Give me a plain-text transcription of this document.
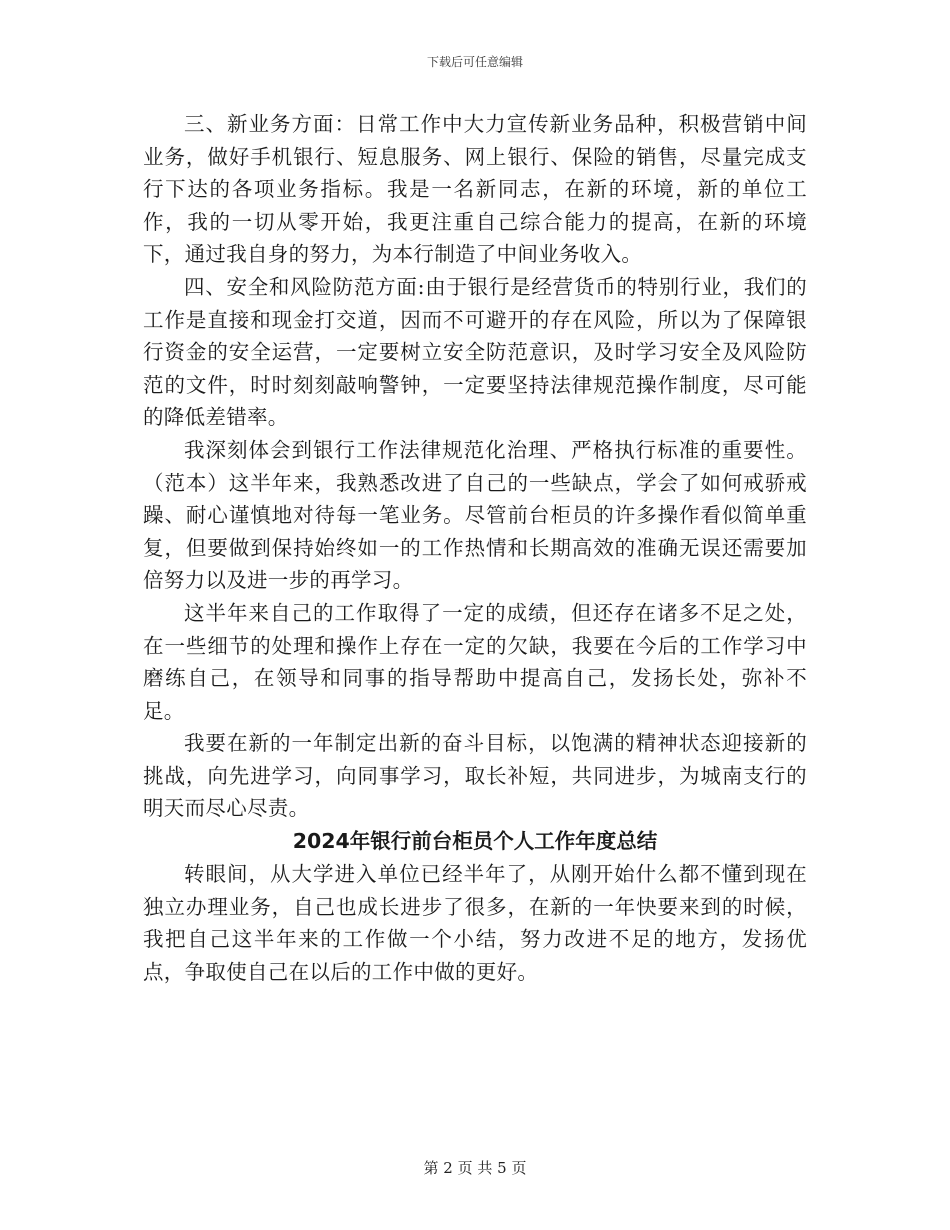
下载后可任意编辑

三、新业务方面：日常工作中大力宣传新业务品种，积极营销中间业务，做好手机银行、短息服务、网上银行、保险的销售，尽量完成支行下达的各项业务指标。我是一名新同志，在新的环境，新的单位工作，我的一切从零开始，我更注重自己综合能力的提高，在新的环境下，通过我自身的努力，为本行制造了中间业务收入。

四、安全和风险防范方面:由于银行是经营货币的特别行业，我们的工作是直接和现金打交道，因而不可避开的存在风险，所以为了保障银行资金的安全运营，一定要树立安全防范意识，及时学习安全及风险防范的文件，时时刻刻敲响警钟，一定要坚持法律规范操作制度，尽可能的降低差错率。

我深刻体会到银行工作法律规范化治理、严格执行标准的重要性。（范本）这半年来，我熟悉改进了自己的一些缺点，学会了如何戒骄戒躁、耐心谨慎地对待每一笔业务。尽管前台柜员的许多操作看似简单重复，但要做到保持始终如一的工作热情和长期高效的准确无误还需要加倍努力以及进一步的再学习。

这半年来自己的工作取得了一定的成绩，但还存在诸多不足之处，在一些细节的处理和操作上存在一定的欠缺，我要在今后的工作学习中磨练自己，在领导和同事的指导帮助中提高自己，发扬长处，弥补不足。

我要在新的一年制定出新的奋斗目标，以饱满的精神状态迎接新的挑战，向先进学习，向同事学习，取长补短，共同进步，为城南支行的明天而尽心尽责。

2024年银行前台柜员个人工作年度总结

转眼间，从大学进入单位已经半年了，从刚开始什么都不懂到现在独立办理业务，自己也成长进步了很多，在新的一年快要来到的时候，我把自己这半年来的工作做一个小结，努力改进不足的地方，发扬优点，争取使自己在以后的工作中做的更好。

第 2 页 共 5 页
